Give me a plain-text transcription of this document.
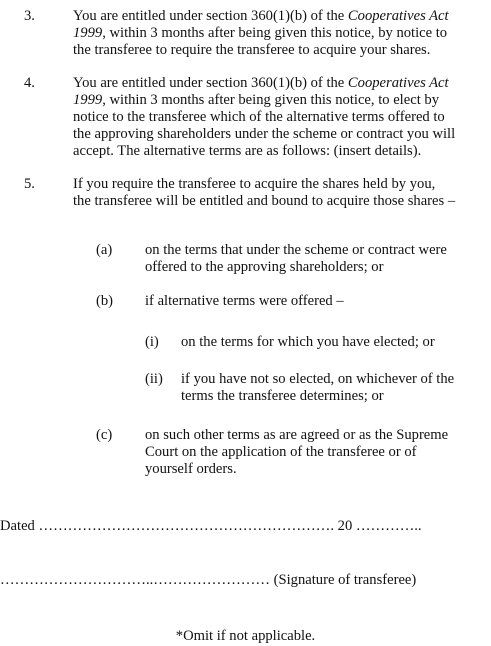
3.	You are entitled under section 360(1)(b) of the Cooperatives Act
1999, within 3 months after being given this notice, by notice to
the transferee to require the transferee to acquire your shares.
4.	You are entitled under section 360(1)(b) of the Cooperatives Act
1999, within 3 months after being given this notice, to elect by
notice to the transferee which of the alternative terms offered to
the approving shareholders under the scheme or contract you will
accept. The alternative terms are as follows: (insert details).
5.	If you require the transferee to acquire the shares held by you,
the transferee will be entitled and bound to acquire those shares –
(a) on the terms that under the scheme or contract were
offered to the approving shareholders; or
(b) if alternative terms were offered –
(i) on the terms for which you have elected; or
(ii) if you have not so elected, on whichever of the
terms the transferee determines; or
(c) on such other terms as are agreed or as the Supreme
Court on the application of the transferee or of
yourself orders.
Dated ……………………………………………………. 20 …………..
…………………………..…………………… (Signature of transferee)
*Omit if not applicable.
